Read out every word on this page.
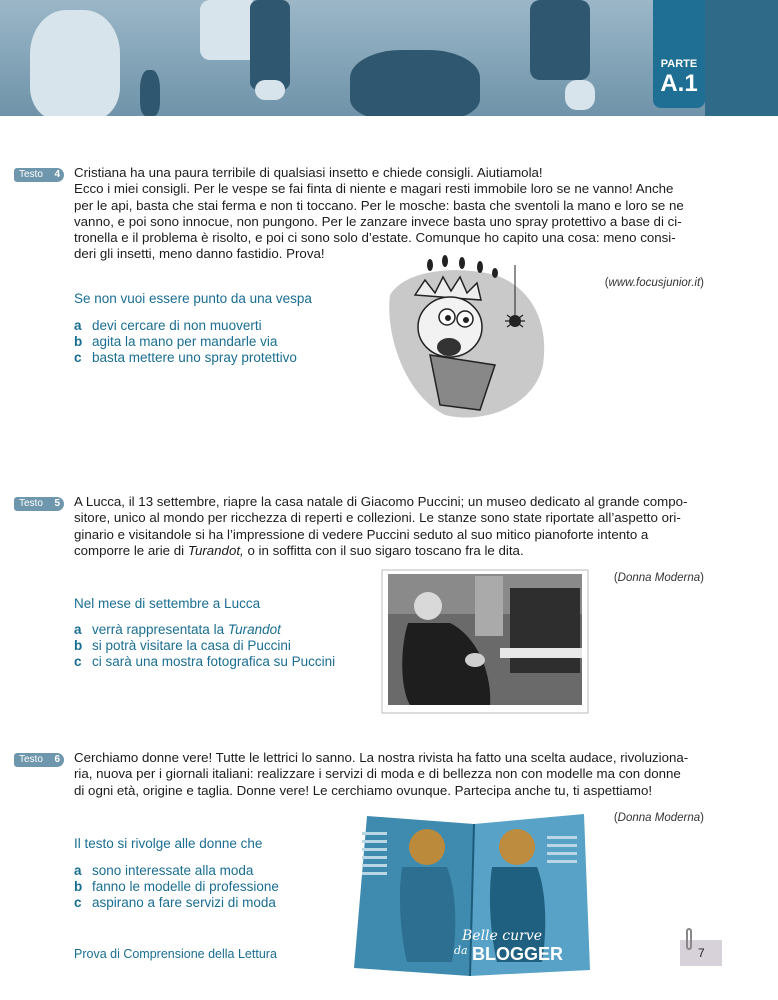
PARTE
A.1
Testo 4 Cristiana ha una paura terribile di qualsiasi insetto e chiede consigli. Aiutiamola!
Ecco i miei consigli. Per le vespe se fai finta di niente e magari resti immobile loro se ne vanno! Anche
per le api, basta che stai ferma e non ti toccano. Per le mosche: basta che sventoli la mano e loro se ne
vanno, e poi sono innocue, non pungono. Per le zanzare invece basta uno spray protettivo a base di ci-
tronella e il problema è risolto, e poi ci sono solo d’estate. Comunque ho capito una cosa: meno consi-
deri gli insetti, meno danno fastidio. Prova!
(www.focusjunior.it)
Se non vuoi essere punto da una vespa
a devi cercare di non muoverti
b agita la mano per mandarle via
c basta mettere uno spray protettivo
Testo 5 A Lucca, il 13 settembre, riapre la casa natale di Giacomo Puccini; un museo dedicato al grande compo-
sitore, unico al mondo per ricchezza di reperti e collezioni. Le stanze sono state riportate all’aspetto ori-
ginario e visitandole si ha l’impressione di vedere Puccini seduto al suo mitico pianoforte intento a
comporre le arie di Turandot, o in soffitta con il suo sigaro toscano fra le dita.
(Donna Moderna)
Nel mese di settembre a Lucca
a verrà rappresentata la Turandot
b si potrà visitare la casa di Puccini
c ci sarà una mostra fotografica su Puccini
Testo 6 Cerchiamo donne vere! Tutte le lettrici lo sanno. La nostra rivista ha fatto una scelta audace, rivoluziona-
ria, nuova per i giornali italiani: realizzare i servizi di moda e di bellezza non con modelle ma con donne
di ogni età, origine e taglia. Donne vere! Le cerchiamo ovunque. Partecipa anche tu, ti aspettiamo!
(Donna Moderna)
Il testo si rivolge alle donne che
a sono interessate alla moda
b fanno le modelle di professione
c aspirano a fare servizi di moda
Belle curve
da BLOGGER
Prova di Comprensione della Lettura	7
